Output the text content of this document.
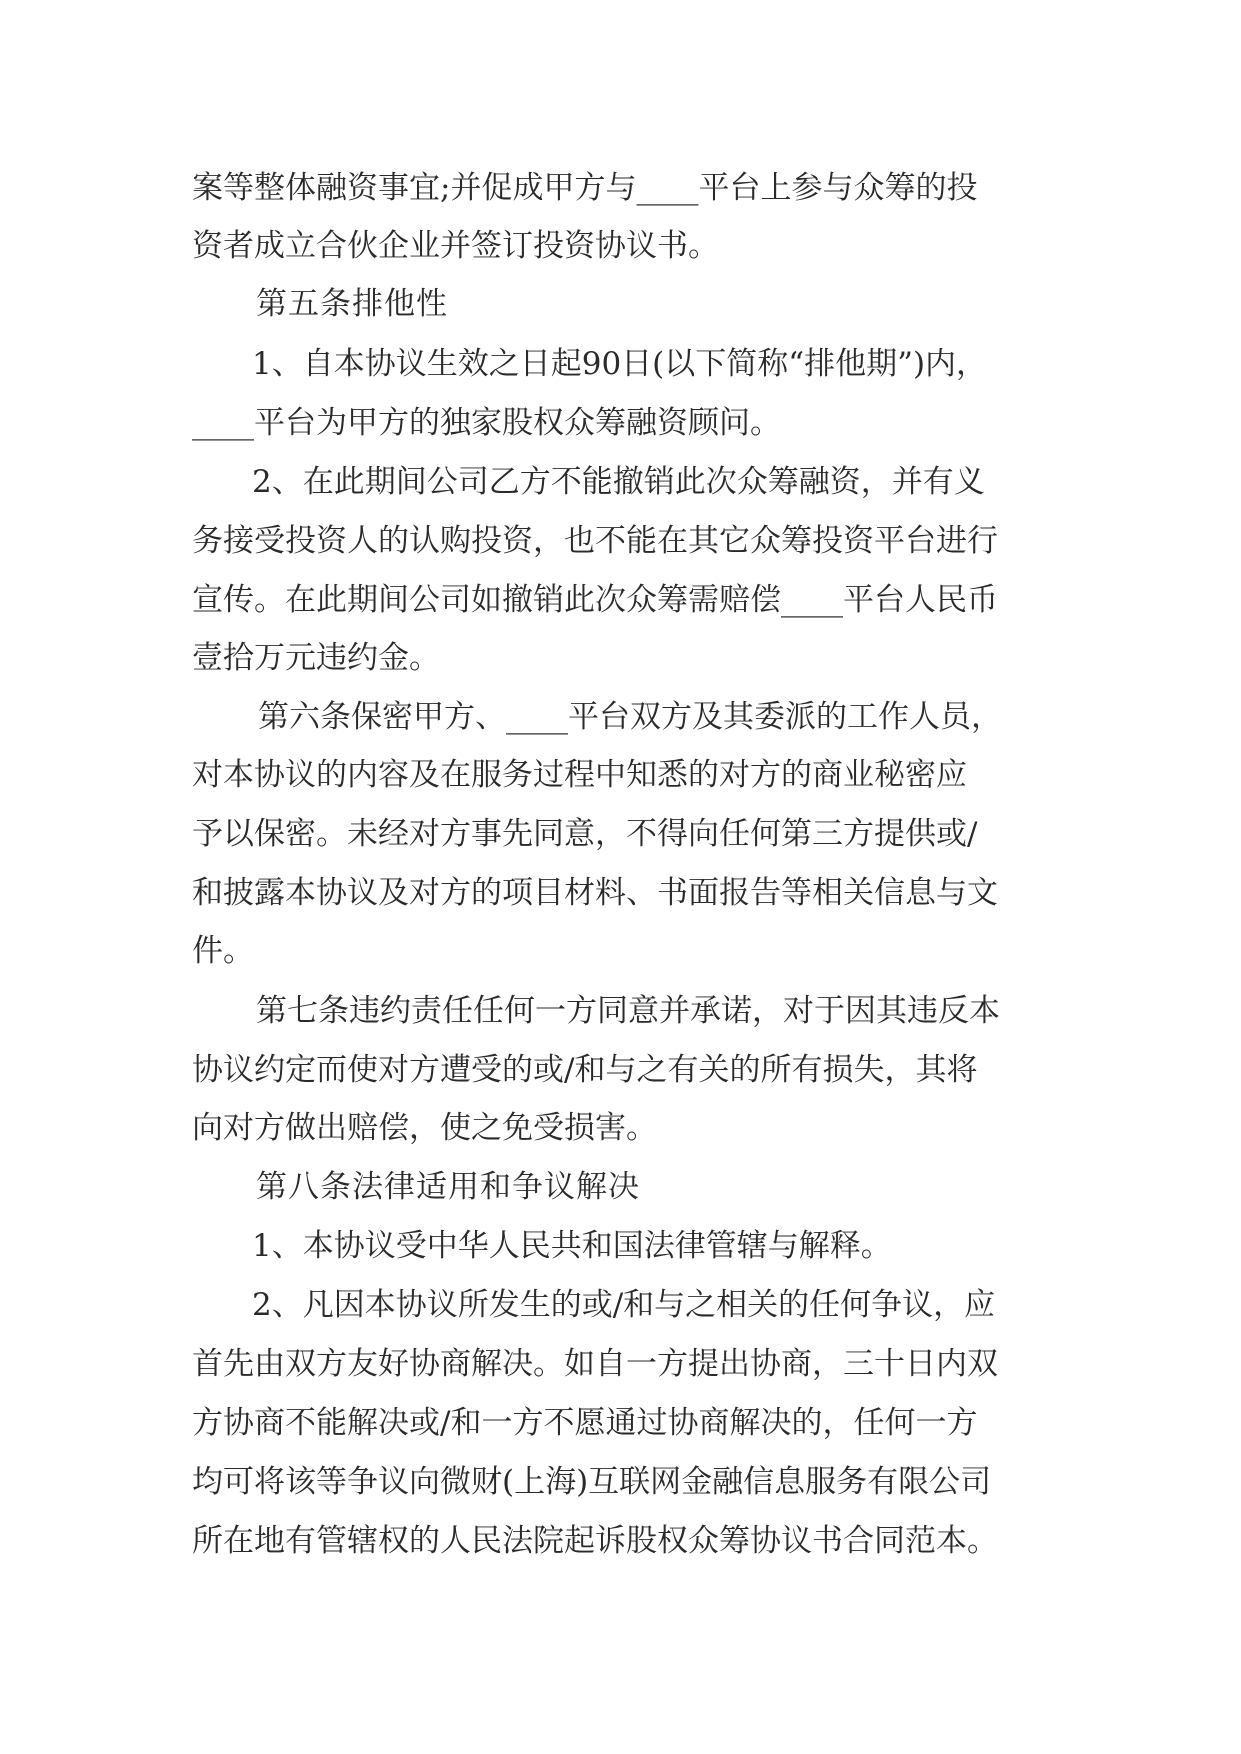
案等整体融资事宜;并促成甲方与____平台上参与众筹的投
资者成立合伙企业并签订投资协议书。
第五条排他性
1、自本协议生效之日起90日(以下简称“排他期”)内，
____平台为甲方的独家股权众筹融资顾问。
2、在此期间公司乙方不能撤销此次众筹融资，并有义
务接受投资人的认购投资，也不能在其它众筹投资平台进行
宣传。在此期间公司如撤销此次众筹需赔偿____平台人民币
壹拾万元违约金。
第六条保密甲方、____平台双方及其委派的工作人员，
对本协议的内容及在服务过程中知悉的对方的商业秘密应
予以保密。未经对方事先同意，不得向任何第三方提供或/
和披露本协议及对方的项目材料、书面报告等相关信息与文
件。
第七条违约责任任何一方同意并承诺，对于因其违反本
协议约定而使对方遭受的或/和与之有关的所有损失，其将
向对方做出赔偿，使之免受损害。
第八条法律适用和争议解决
1、本协议受中华人民共和国法律管辖与解释。
2、凡因本协议所发生的或/和与之相关的任何争议，应
首先由双方友好协商解决。如自一方提出协商，三十日内双
方协商不能解决或/和一方不愿通过协商解决的，任何一方
均可将该等争议向微财(上海)互联网金融信息服务有限公司
所在地有管辖权的人民法院起诉股权众筹协议书合同范本。
